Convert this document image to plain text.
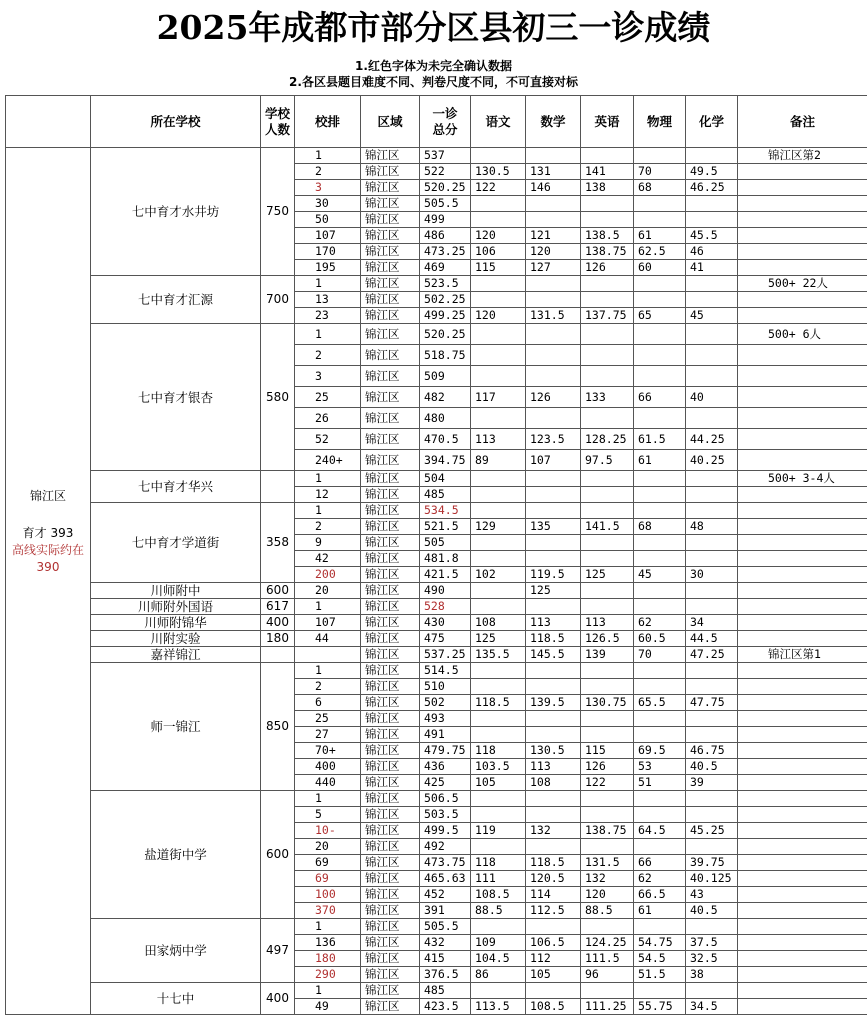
2025年成都市部分区县初三一诊成绩
1.红色字体为未完全确认数据
2.各区县题目难度不同、判卷尺度不同，不可直接对标
	所在学校	学校人数	校排	区域	一诊总分	语文	数学	英语	物理	化学	备注

锦江区
育才 393
高线实际约在390	七中育才水井坊	750	1	锦江区	537						锦江区第2
			2	锦江区	522	130.5	131	141	70	49.5	
			3	锦江区	520.25	122	146	138	68	46.25	
			30	锦江区	505.5						
			50	锦江区	499						
			107	锦江区	486	120	121	138.5	61	45.5	
			170	锦江区	473.25	106	120	138.75	62.5	46	
			195	锦江区	469	115	127	126	60	41	
	七中育才汇源	700	1	锦江区	523.5						500+ 22人
			13	锦江区	502.25						
			23	锦江区	499.25	120	131.5	137.75	65	45	
	七中育才银杏	580	1	锦江区	520.25						500+ 6人
			2	锦江区	518.75						
			3	锦江区	509						
			25	锦江区	482	117	126	133	66	40	
			26	锦江区	480						
			52	锦江区	470.5	113	123.5	128.25	61.5	44.25	
			240+	锦江区	394.75	89	107	97.5	61	40.25	
	七中育才华兴		1	锦江区	504						500+ 3-4人
			12	锦江区	485						
	七中育才学道街	358	1	锦江区	534.5						
			2	锦江区	521.5	129	135	141.5	68	48	
			9	锦江区	505						
			42	锦江区	481.8						
			200	锦江区	421.5	102	119.5	125	45	30	
	川师附中	600	20	锦江区	490		125				
	川师附外国语	617	1	锦江区	528						
	川师附锦华	400	107	锦江区	430	108	113	113	62	34	
	川附实验	180	44	锦江区	475	125	118.5	126.5	60.5	44.5	
	嘉祥锦江			锦江区	537.25	135.5	145.5	139	70	47.25	锦江区第1
	师一锦江	850	1	锦江区	514.5						
			2	锦江区	510						
			6	锦江区	502	118.5	139.5	130.75	65.5	47.75	
			25	锦江区	493						
			27	锦江区	491						
			70+	锦江区	479.75	118	130.5	115	69.5	46.75	
			400	锦江区	436	103.5	113	126	53	40.5	
			440	锦江区	425	105	108	122	51	39	
	盐道街中学	600	1	锦江区	506.5						
			5	锦江区	503.5						
			10-	锦江区	499.5	119	132	138.75	64.5	45.25	
			20	锦江区	492						
			69	锦江区	473.75	118	118.5	131.5	66	39.75	
			69	锦江区	465.63	111	120.5	132	62	40.125	
			100	锦江区	452	108.5	114	120	66.5	43	
			370	锦江区	391	88.5	112.5	88.5	61	40.5	
	田家炳中学	497	1	锦江区	505.5						
			136	锦江区	432	109	106.5	124.25	54.75	37.5	
			180	锦江区	415	104.5	112	111.5	54.5	32.5	
			290	锦江区	376.5	86	105	96	51.5	38	
	十七中	400	1	锦江区	485						
			49	锦江区	423.5	113.5	108.5	111.25	55.75	34.5	
